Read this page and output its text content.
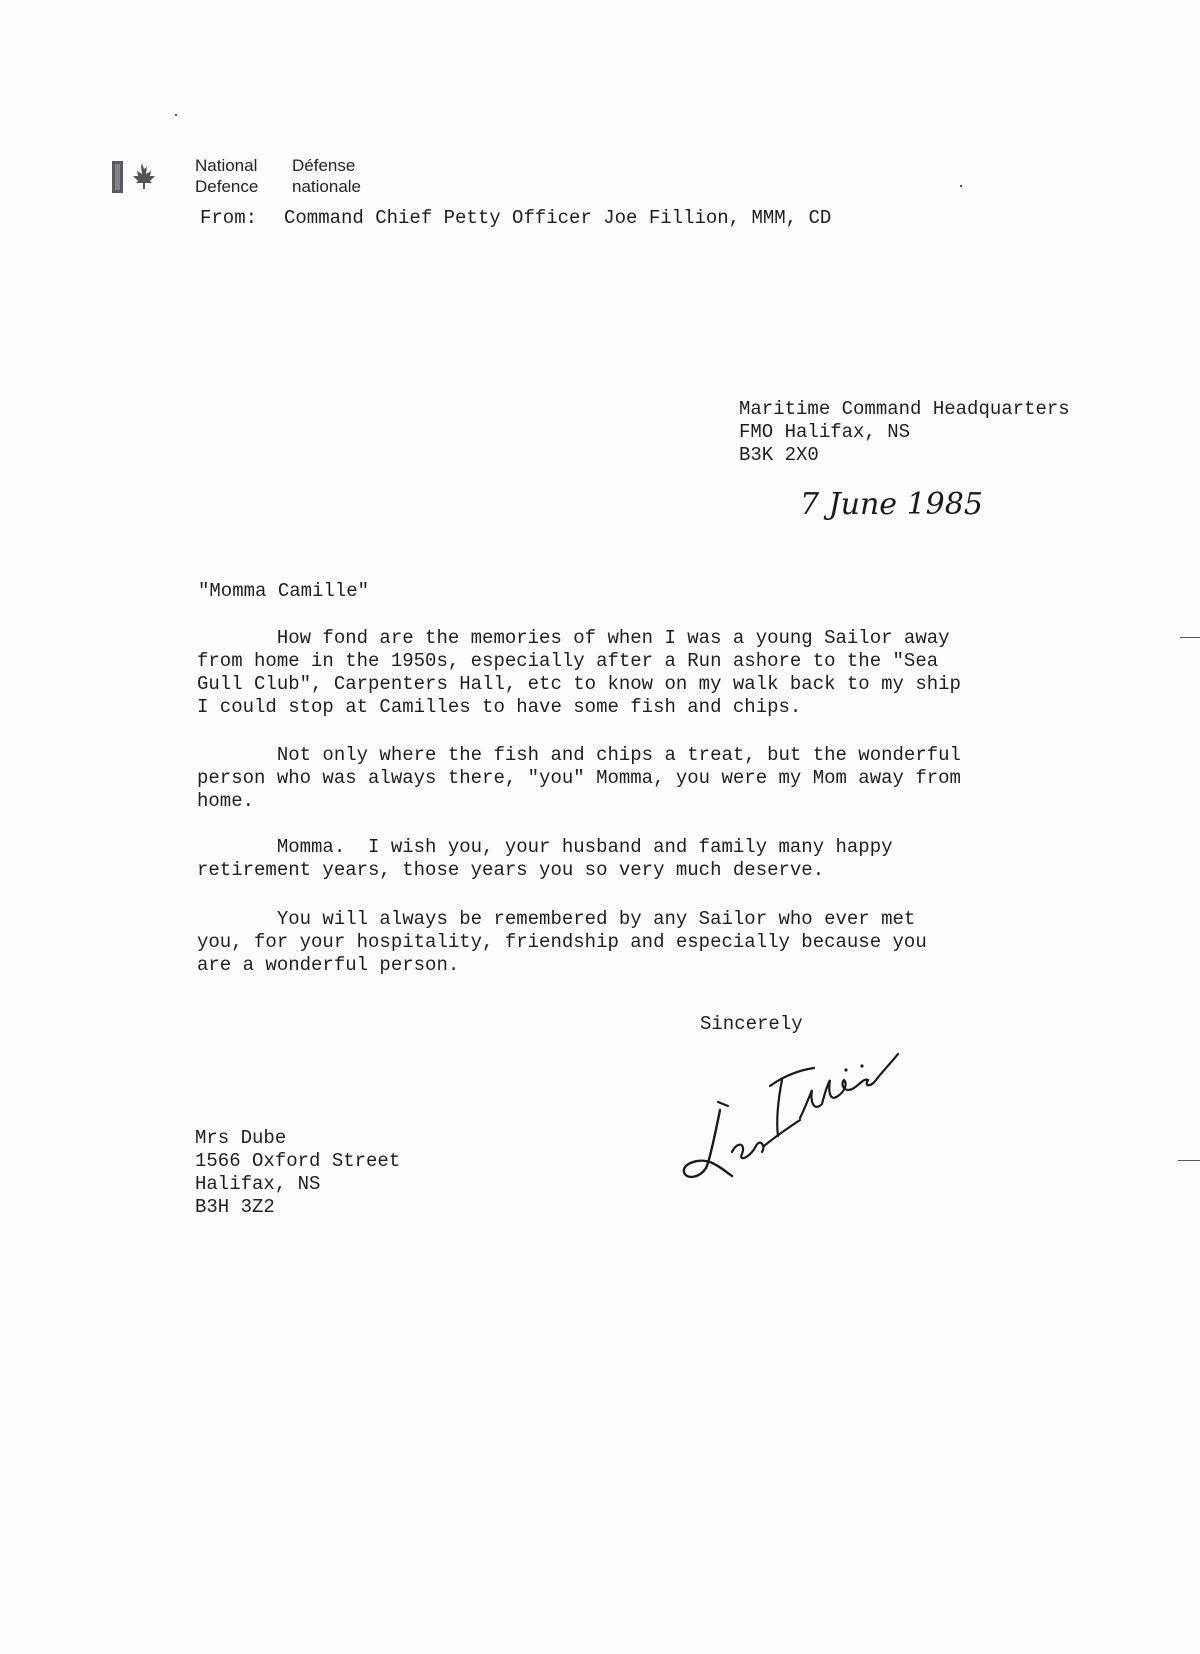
National
Defence
Défense
nationale
From: Command Chief Petty Officer Joe Fillion, MMM, CD
Maritime Command Headquarters
FMO Halifax, NS
B3K 2X0
7 June 1985
"Momma Camille"
How fond are the memories of when I was a young Sailor away
from home in the 1950s, especially after a Run ashore to the "Sea
Gull Club", Carpenters Hall, etc to know on my walk back to my ship
I could stop at Camilles to have some fish and chips.
Not only where the fish and chips a treat, but the wonderful
person who was always there, "you" Momma, you were my Mom away from
home.
Momma.  I wish you, your husband and family many happy
retirement years, those years you so very much deserve.
You will always be remembered by any Sailor who ever met
you, for your hospitality, friendship and especially because you
are a wonderful person.
Sincerely
Mrs Dube
1566 Oxford Street
Halifax, NS
B3H 3Z2
